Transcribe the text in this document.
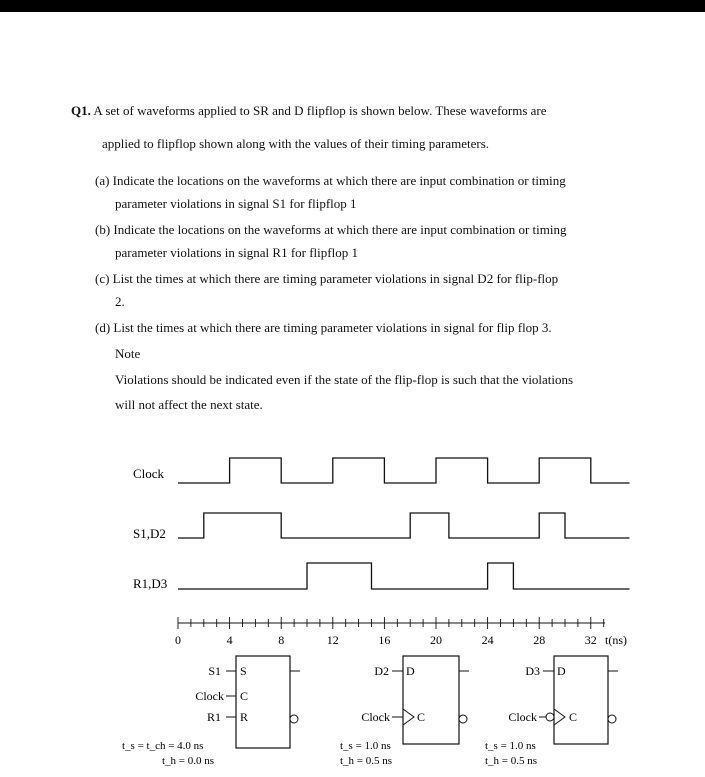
Q1. A set of waveforms applied to SR and D flipflop is shown below. These waveforms are
applied to flipflop shown along with the values of their timing parameters.
(a) Indicate the locations on the waveforms at which there are input combination or timing
parameter violations in signal S1 for flipflop 1
(b) Indicate the locations on the waveforms at which there are input combination or timing
parameter violations in signal R1 for flipflop 1
(c) List the times at which there are timing parameter violations in signal D2 for flip-flop
2.
(d) List the times at which there are timing parameter violations in signal for flip flop 3.
Note
Violations should be indicated even if the state of the flip-flop is such that the violations
will not affect the next state.
Clock
S1,D2
R1,D3
0	4	8	12	16	20	24	28	32 t(ns)
S1
Clock
R1
S
C
R
t_s = t_ch = 4.0 ns
t_h = 0.0 ns
D2
Clock
D
C
t_s = 1.0 ns
t_h = 0.5 ns
D3
Clock
D
C
t_s = 1.0 ns
t_h = 0.5 ns
